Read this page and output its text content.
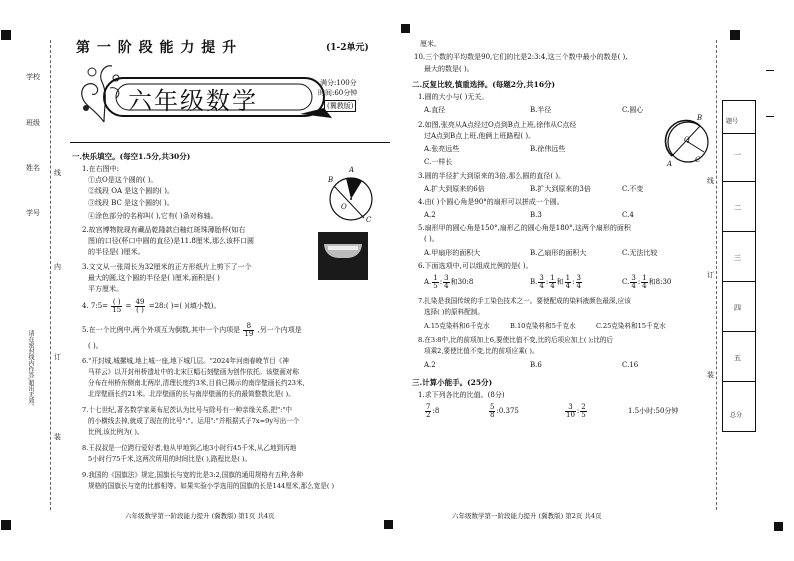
学校
班级
姓名
学号
线
内
订
装
请在密封线内作答,超出无效。
第 一 阶 段 能 力 提 升	(1-2单元)
六年级数学
满分:100分
时间:60分钟
(冀教版)
一.快乐填空。(每空1.5分,共30分)
1.在右图中:
①点O是这个圆的( )。
②线段 OA 是这个圆的( )。
③线段 BC 是这个圆的( )。
④涂色部分的名称叫( ),它有( )条对称轴。
B
A
O
C
2.故宫博物院现有藏品乾隆款白釉红斑珠薄胎杯(如右
图)的口径(杯口中圆的直径)是11.8厘米,那么该杯口圆
的半径是( )厘米。
3.文文从一张周长为32厘米的正方形纸片上剪下了一个
最大的圆,这个圆的半径是( )厘米,面积是( )
平方厘米。
4. 7:5= $\frac{( )}{15} = \frac{49}{( )}$ =28:( )=( )(填小数)。
5.在一个比例中,两个外项互为倒数,其中一个内项是 $\frac{8}{19}$ ,另一个内项是
( )。
6."开封城,城摞城,地上城一座,地下城几层。"2024年河南春晚节目《神
马祥云》以开封州桥遗址中的北宋巨幅石刻壁画为创作依托。该壁画对称
分布在州桥东侧南北两岸,清理长度约3米,目前已揭示的南岸壁画长约23米,
北岸壁画长约21米。北岸壁画的长与南岸壁画的长的最简整数比是( )。
7.十七世纪,著名数学家莱布尼茨认为比号与除号有一种亲缘关系,把":"中
的小横线去掉,就成了现在的比号":"。运用":"并根据式子7x=9y写出一个
比例,该比例为( )。
8.王叔叔是一位跨行爱好者,他从甲地到乙地3小时行45千米,从乙地到丙地
5小时行75千米,这两次所用的时间比是( ),路程比是( )。
9.我国的《国旗法》规定,国旗长与宽的比是3:2,国旗的通用规格有五种,各种
规格的国旗长与宽的比都相等。如果实验小学选用的国旗的长是144厘米,那么宽是( )
六年级数学第一阶段能力提升 (冀教版) 第1页 共4页
厘米。
10.三个数的平均数是90,它们的比是2:3:4,这三个数中最小的数是( ),
最大的数是( )。
二.反复比较,慎重选择。(每题2分,共16分)
1.圆的大小与( )无关。
A.直径	B.半径	C.圆心
2.如图,张亮从A点经过O点到B点上班,徐伟从C点经
过A点到B点上班,他俩上班路程( )。
A.张亮远些	B.徐伟远些
C.一样长
B
O
A	C
3.圆的半径扩大到原来的3倍,那么圆的直径( )。
A.扩大到原来的6倍	B.扩大到原来的3倍	C.不变
4.由( )个圆心角是90°的扇形可以拼成一个圆。
A.2	B.3	C.4
5.扇形甲的圆心角是150°,扇形乙的圆心角是180°,这两个扇形的面积
( )。
A.甲扇形的面积大	B.乙扇形的面积大	C.无法比较
6.下面选项中,可以组成比例的是( )。
A. $\frac{1}{5}$ : $\frac{3}{4}$ 和30:8	B. $\frac{3}{4}$ : $\frac{1}{4}$ 和 $\frac{1}{4}$ : $\frac{3}{4}$	C. $\frac{3}{4}$ : $\frac{1}{4}$ 和8:30
7.扎染是我国传统的手工染色技术之一。要使配成的染料液颜色最深,应该
选择( )的原料配制。
A.15克染料和6千克水	B.10克染料和5千克水	C.25克染料和15千克水
8.在3:8中,比的前项加上6,要使比值不变,比的后项应加上( );比的后
项乘2,要使比值不变,比的前项应乘( )。
A.2	B.6	C.16
三.计算小能手。(25分)
1.求下列各比的比值。(8分)
$\frac{7}{2}$ :8	$\frac{5}{8}$ :0.375	$\frac{3}{10}$ : $\frac{2}{5}$	1.5小时:50分钟
六年级数学第一阶段能力提升 (冀教版) 第2页 共4页
线
订
装
题号
一
二
三
四
五
总分
